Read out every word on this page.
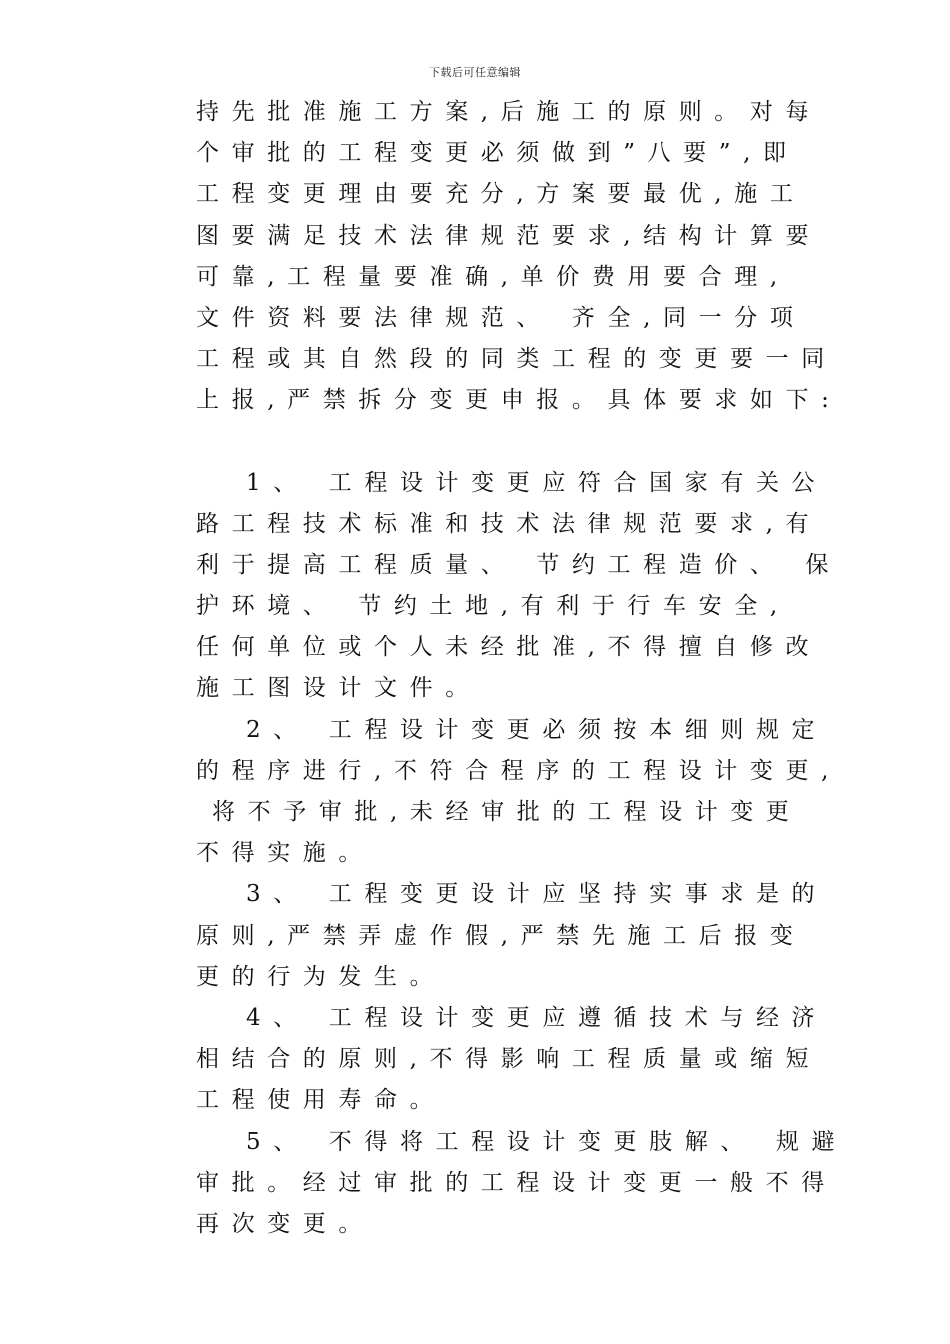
下载后可任意编辑
持先批准施工方案,后施工的原则。对每
个审批的工程变更必须做到”八要”,即
工程变更理由要充分,方案要最优,施工
图要满足技术法律规范要求,结构计算要
可靠,工程量要准确,单价费用要合理,
文件资料要法律规范、 齐全,同一分项
工程或其自然段的同类工程的变更要一同
上报,严禁拆分变更申报。具体要求如下:
1、 工程设计变更应符合国家有关公
路工程技术标准和技术法律规范要求,有
利于提高工程质量、 节约工程造价、 保
护环境、 节约土地,有利于行车安全,
任何单位或个人未经批准,不得擅自修改
施工图设计文件。
2、 工程设计变更必须按本细则规定
的程序进行,不符合程序的工程设计变更,
将不予审批,未经审批的工程设计变更
不得实施。
3、 工程变更设计应坚持实事求是的
原则,严禁弄虚作假,严禁先施工后报变
更的行为发生。
4、 工程设计变更应遵循技术与经济
相结合的原则,不得影响工程质量或缩短
工程使用寿命。
5、 不得将工程设计变更肢解、 规避
审批。经过审批的工程设计变更一般不得
再次变更。
